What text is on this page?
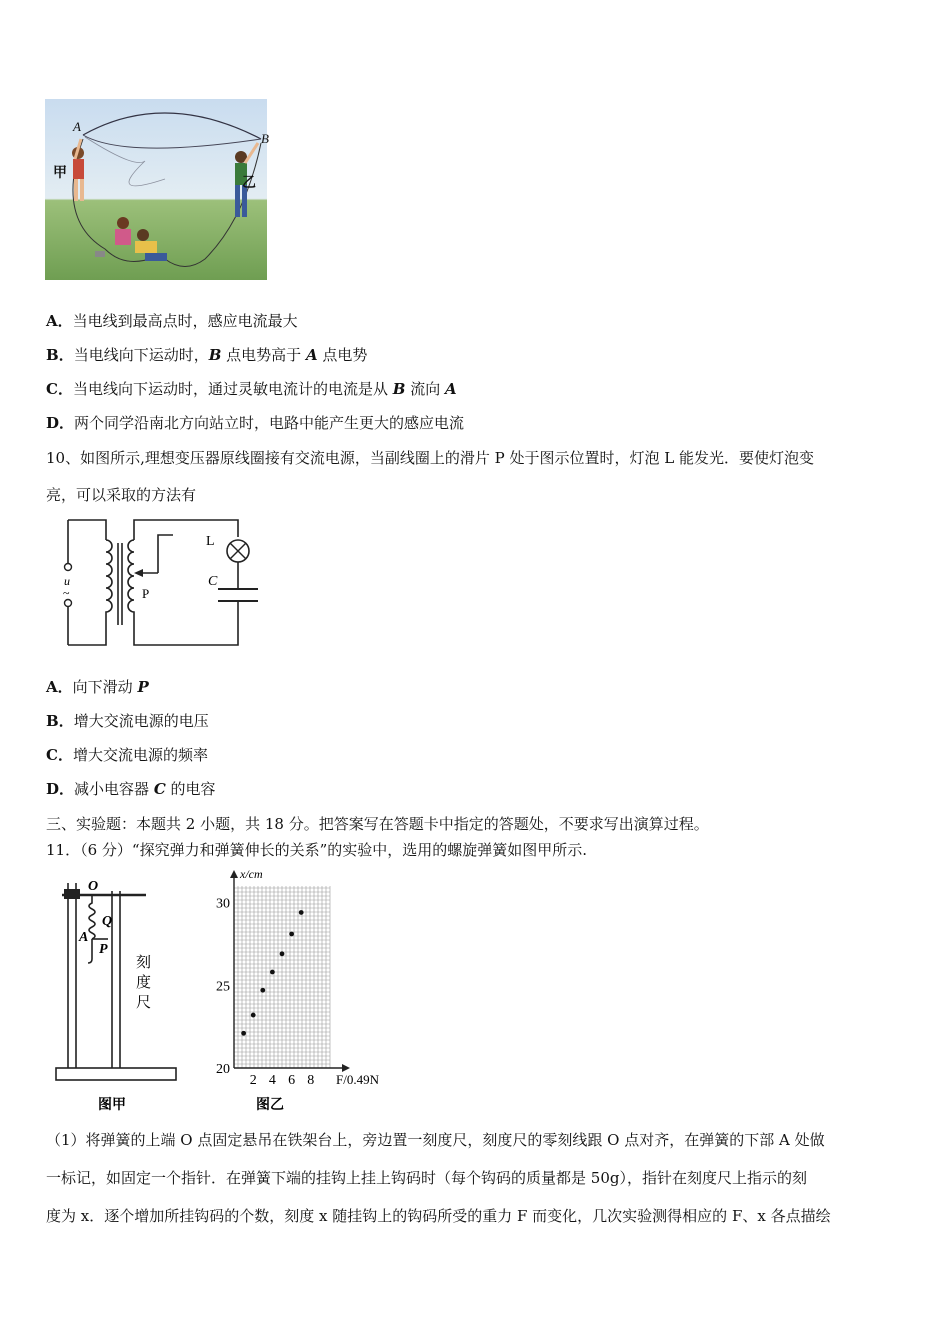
A
B
甲
乙
A．当电线到最高点时，感应电流最大
B．当电线向下运动时，B 点电势高于 A 点电势
C．当电线向下运动时，通过灵敏电流计的电流是从 B 流向 A
D．两个同学沿南北方向站立时，电路中能产生更大的感应电流
10、如图所示,理想变压器原线圈接有交流电源，当副线圈上的滑片 P 处于图示位置时，灯泡 L 能发光．要使灯泡变
亮，可以采取的方法有
u
~	P
L
C
A．向下滑动 P
B．增大交流电源的电压
C．增大交流电源的频率
D．减小电容器 C 的电容
三、实验题：本题共 2 小题，共 18 分。把答案写在答题卡中指定的答题处，不要求写出演算过程。
11．（6 分）“探究弹力和弹簧伸长的关系”的实验中，选用的螺旋弹簧如图甲所示.
O
Q
A
P
刻
度
尺
图甲
20
25
30
2 4 6 8
x/cm
F/0.49N
图乙
（1）将弹簧的上端 O 点固定悬吊在铁架台上，旁边置一刻度尺，刻度尺的零刻线跟 O 点对齐，在弹簧的下部 A 处做
一标记，如固定一个指针．在弹簧下端的挂钩上挂上钩码时（每个钩码的质量都是 50g），指针在刻度尺上指示的刻
度为 x．逐个增加所挂钩码的个数，刻度 x 随挂钩上的钩码所受的重力 F 而变化，几次实验测得相应的 F、x 各点描绘
